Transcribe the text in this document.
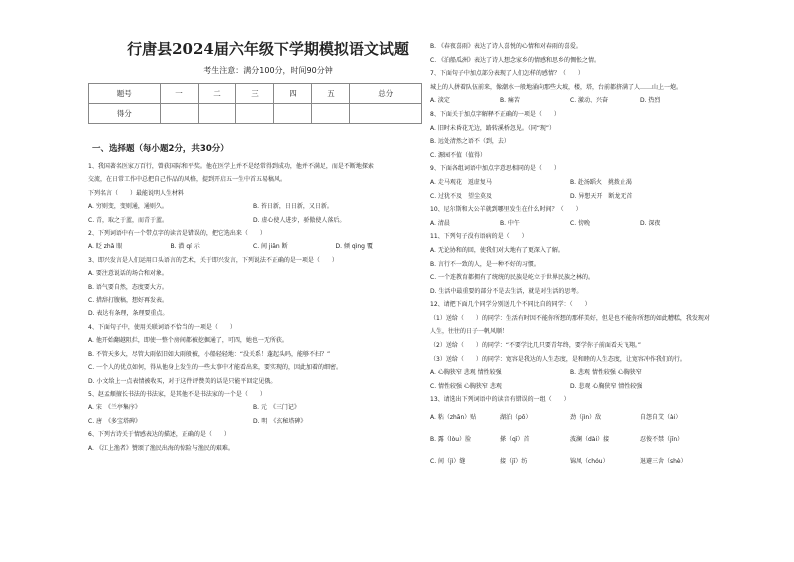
行唐县2024届六年级下学期模拟语文试题
考生注意：满分100分，时间90分钟
题号	一	二	三	四	五	总分
得分						
一、选择题（每小题2分，共30分）
1、我国著名医家万百行，曾获国际和平奖。他在医学上并不是经常得到成功，他并不满足，而是不断地探索
交流，在日常工作中总把自己作品的风格，提到开启五一生中首五易稿风。
下列名言（　　）最能说明人生材料
A. 穷则变，变则通，通则久。	B. 苔日新，日日新，又日新。
C. 青，取之于蓝，而青于蓝。	D. 虚心使人进步，骄傲使人落后。
2、下列词语中有一个带点字的读音是错误的，把它选出来（　　）
A. 眨 zhǎ 眼	B. 潜 qí 示	C. 间 jiān 断	D. 倾 qìng 覆
3、即兴发言是人们运用口头语言的艺术，关于即兴发言，下列说法不正确的是一项是（　　）
A. 要注意说话的场合和对象。
B. 语气要自然，态度要大方。
C. 措辞打腹稿，想好再发表。
D. 表达有条理，条理要重点。
4、下面句子中，使用关联词语不恰当的一项是（　　）
A. 他开始翻越阻拦，即使一整个房间都被挖掘通了，可四，她也一无所获。
B. 不管天多大，尽管大雨依旧如大雨般被，小船轻轻地：“没关系！蓬起头吗，能够不扫？”
C. 一个人的优点如何，得从他身上发生的一些太事中才能看出来，要实现的，因此加着的细密。
D. 小文给上一点表情被收买，对于这件评赞美的话是只能平回定见俄。
5、赵孟頫擅长书法的书法家，是其他不是书法家的一个是（　　）
A. 宋　《兰亭集序》	B. 元　《三门记》
C. 唐　《多宝塔碑》	D. 明　《玄秘塔碑》
6、下列古诗关于情感表达的描述，正确的是（　　）
A. 《江上渔者》赞颂了渔民出海的惊险与渔民的艰难。
B. 《春夜喜雨》表达了诗人喜悦的心情和对春雨的喜爱。
C. 《泊船瓜洲》表达了诗人想念家乡的情感和思乡的惆怅之情。
7、下面句子中加点部分表现了人们怎样的感情？（　　）
城上的人拼着队伍前来，像潮水一般地涌向那些大坡，楼，塔，台前都挤满了人……山上一炮。
A. 淡定	B. 痛苦	C. 激动、兴奋	D. 热烈
8、下面关于加点字解释不正确的一项是（　　）
A. 旧时未昏花无边，路转溪桥忽见。（同“现”）
B. 远处清然之语不（到，去）
C. 源园不值（值得）
9、下面各组词语中加点字意思相同的是（　　）
A. 走马观花　返虚复马	B. 赴汤蹈火　挑拨止渴
C. 过犹不及　望尘莫及	D. 异想天开　断龙无首
10、尼尔斯和大公羊就到哪里发生在什么时间？（　　）
A. 清晨	B. 中午	C. 傍晚	D. 深夜
11、下列句子没有语病的是（　　）
A. 无论协和的回，使我们对大地有了更深入了解。
B. 言行不一致的人，是一种不好的习惯。
C. 一个连教育都拥有了统统的民族是屹立于世界民族之林的。
D. 生活中最重要的部分不是去生活，就是对生活的思考。
12、请把下面几个同学分别送几个不同比自的同学：（　　）
（1）送给（　　）的同学：生活有时因不能你所想的那样美好，但是也不能你所想的如此糟糕，我发现对
人生，往往的日子一帆风顺！
（2）送给（　　）的同学：“不要学比几只要青年终，要学你子前面看天飞翔。”
（3）送给（　　）的同学：宽容是我达的人生态度，是和睦的人生态度，让宽容冲作我们的行。
A. 心胸狭窄 悲观 情性较强	B. 悲观 情性较强 心胸狭窄
C. 情性较强 心胸狭窄 悲观	D. 悲观 心胸狭窄 情性较强
13、请选出下列词语中的读音有错误的一组（　　）
A. 粘（zhān）贴	湖泊（pō）	劲（jìn）敌	自怨自艾（ài）
B. 露（lòu）脸	搽（qī）首	波澜（dài）接	忍俊不禁（jīn）
C. 间（jì）缝	接（jī）纺	锦凤（chóu）	退避三舍（shè）
